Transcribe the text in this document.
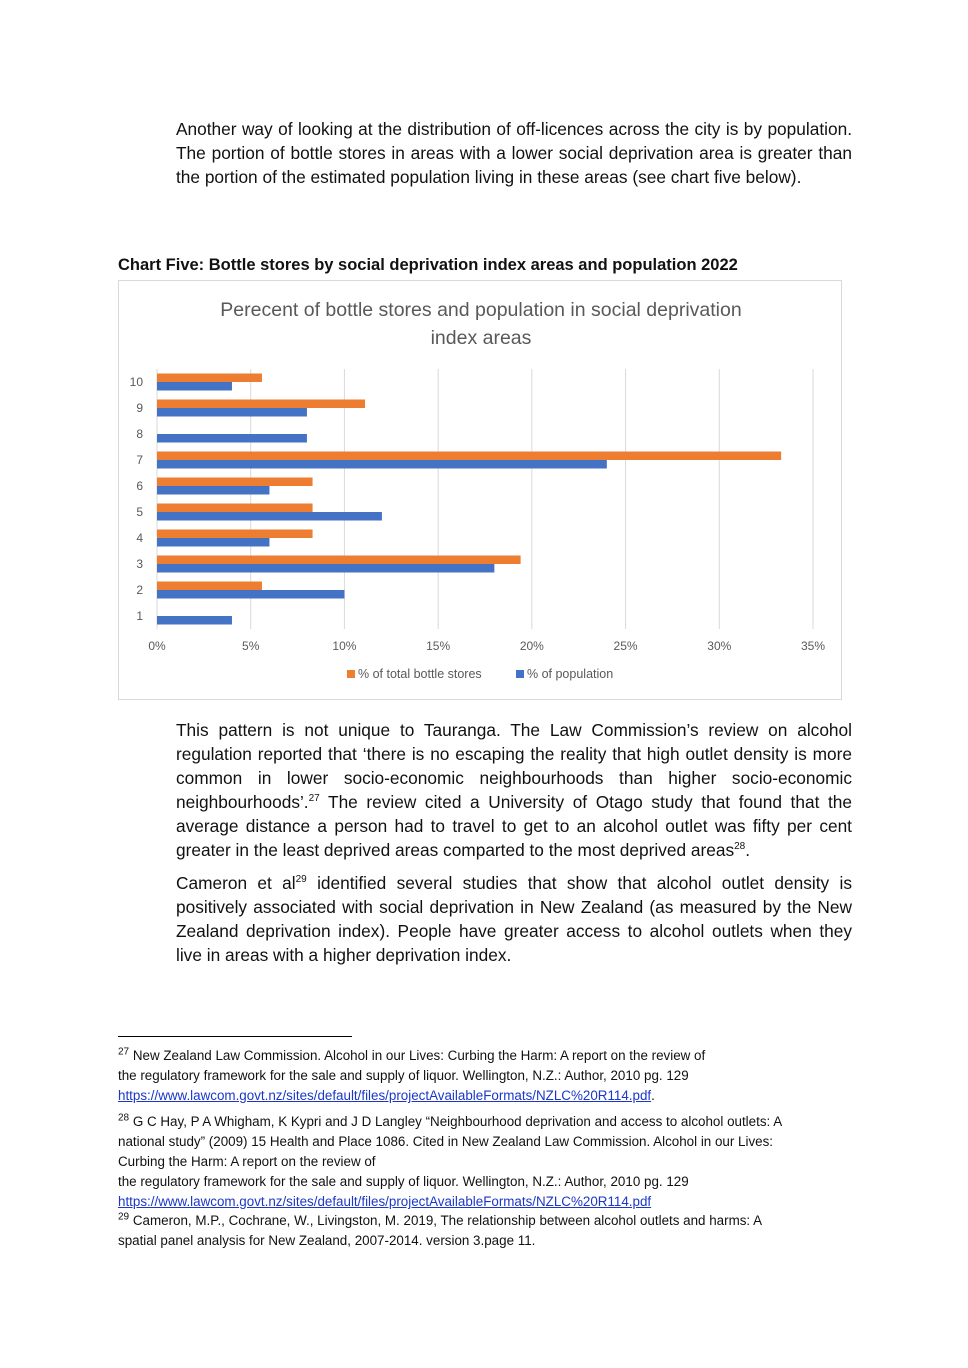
Another way of looking at the distribution of off-licences across the city is by population. The portion of bottle stores in areas with a lower social deprivation area is greater than the portion of the estimated population living in these areas (see chart five below).

Chart Five: Bottle stores by social deprivation index areas and population 2022

Perecent of bottle stores and population in social deprivation
index areas
1
2
3
4
5
6
7
8
9
10
0%	5%	10%	15%	20%	25%	30%	35%
% of total bottle stores	% of population

This pattern is not unique to Tauranga. The Law Commission’s review on alcohol regulation reported that ‘there is no escaping the reality that high outlet density is more common in lower socio-economic neighbourhoods than higher socio-economic neighbourhoods’.$^{27}$ The review cited a University of Otago study that found that the average distance a person had to travel to get to an alcohol outlet was fifty per cent greater in the least deprived areas comparted to the most deprived areas$^{28}$.

Cameron et $al^{29}$ identified several studies that show that alcohol outlet density is positively associated with social deprivation in New Zealand (as measured by the New Zealand deprivation index). People have greater access to alcohol outlets when they live in areas with a higher deprivation index.

$^{27}$ New Zealand Law Commission. Alcohol in our Lives: Curbing the Harm: A report on the review of
the regulatory framework for the sale and supply of liquor. Wellington, N.Z.: Author, 2010 pg. 129
https://www.lawcom.govt.nz/sites/default/files/projectAvailableFormats/NZLC%20R114.pdf.

$^{28}$ G C Hay, P A Whigham, K Kypri and J D Langley “Neighbourhood deprivation and access to alcohol outlets: A
national study” (2009) 15 Health and Place 1086. Cited in New Zealand Law Commission. Alcohol in our Lives:
Curbing the Harm: A report on the review of
the regulatory framework for the sale and supply of liquor. Wellington, N.Z.: Author, 2010 pg. 129
https://www.lawcom.govt.nz/sites/default/files/projectAvailableFormats/NZLC%20R114.pdf

$^{29}$ Cameron, M.P., Cochrane, W., Livingston, M. 2019, The relationship between alcohol outlets and harms: A
spatial panel analysis for New Zealand, 2007-2014. version 3.page 11.
